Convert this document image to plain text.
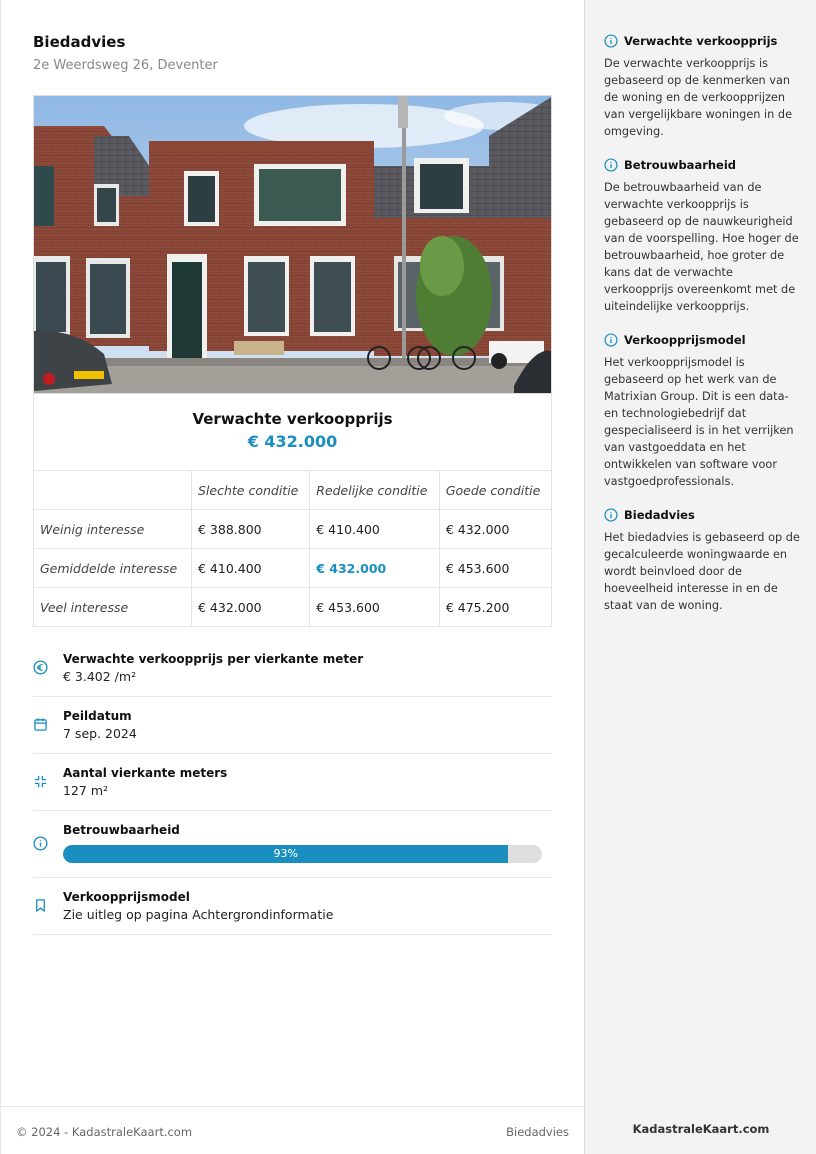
Biedadvies
2e Weerdsweg 26, Deventer
Verwachte verkoopprijs
€ 432.000
	Slechte conditie	Redelijke conditie	Goede conditie
Weinig interesse	€ 388.800	€ 410.400	€ 432.000
Gemiddelde interesse	€ 410.400	€ 432.000	€ 453.600
Veel interesse	€ 432.000	€ 453.600	€ 475.200
Verwachte verkoopprijs per vierkante meter
€ 3.402 /m²
Peildatum
7 sep. 2024
Aantal vierkante meters
127 m²
Betrouwbaarheid
93%
Verkoopprijsmodel
Zie uitleg op pagina Achtergrondinformatie
© 2024 - KadastraleKaart.com	Biedadvies
Verwachte verkoopprijs
De verwachte verkoopprijs is gebaseerd op de kenmerken van de woning en de verkoopprijzen van vergelijkbare woningen in de omgeving.
Betrouwbaarheid
De betrouwbaarheid van de verwachte verkoopprijs is gebaseerd op de nauwkeurigheid van de voorspelling. Hoe hoger de betrouwbaarheid, hoe groter de kans dat de verwachte verkoopprijs overeenkomt met de uiteindelijke verkoopprijs.
Verkoopprijsmodel
Het verkoopprijsmodel is gebaseerd op het werk van de Matrixian Group. Dit is een data-en technologiebedrijf dat gespecialiseerd is in het verrijken van vastgoeddata en het ontwikkelen van software voor vastgoedprofessionals.
Biedadvies
Het biedadvies is gebaseerd op de gecalculeerde woningwaarde en wordt beinvloed door de hoeveelheid interesse in en de staat van de woning.
KadastraleKaart.com
